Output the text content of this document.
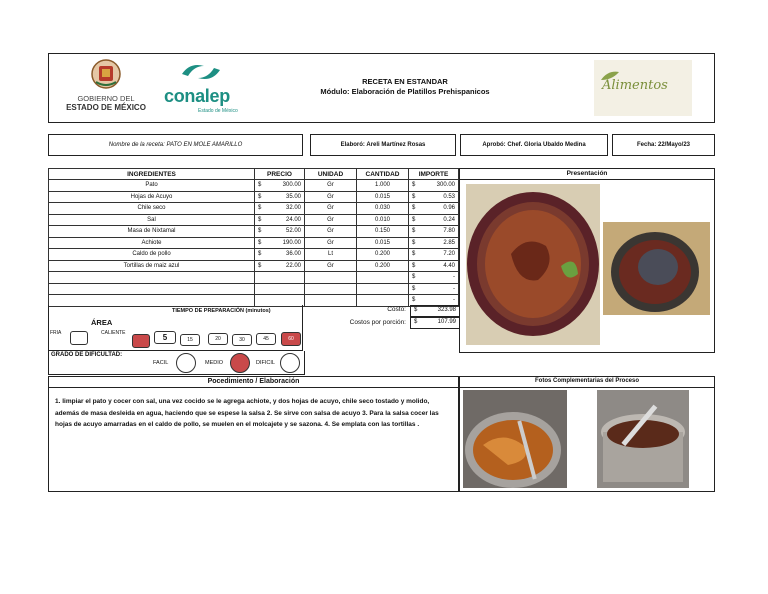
GOBIERNO DEL
ESTADO DE MÉXICO
conalep
Estado de México
RECETA EN ESTANDAR
Módulo: Elaboración de Platillos Prehispanicos	Alimentos
Nombre de la receta: PATO EN MOLE AMARILLO	Elaboró: Areli Martínez Rosas	Aprobó: Chef. Gloria Ubaldo Medina	Fecha: 22/Mayo/23
INGREDIENTES	PRECIO	UNIDAD	CANTIDAD	IMPORTE
Pato	$ 300.00	Gr	1.000	$ 300.00
Hojas de Acuyo	$ 35.00	Gr	0.015	$ 0.53
Chile seco	$ 32.00	Gr	0.030	$ 0.96
Sal	$ 24.00	Gr	0.010	$ 0.24
Masa de Nixtamal	$ 52.00	Gr	0.150	$ 7.80
Achiote	$ 190.00	Gr	0.015	$ 2.85
Caldo de pollo	$ 36.00	Lt	0.200	$ 7.20
Tortillas de maiz azul	$ 22.00	Gr	0.200	$ 4.40

				$ -

				$ -

				$ -
Costo: $	323.98
Costos por porción: $	107.99
Presentación
TIEMPO DE PREPARACIÓN (minutos)
ÁREA
FRIA	CALIENTE	5	15	20	30	45	60
GRADO DE DIFICULTAD:
FACIL	MEDIO	DIFICIL
Pocedimiento / Elaboración
1. limpiar el pato y cocer con sal, una vez cocido se le agrega achiote, y dos hojas de acuyo, chile seco tostado y molido, además de masa desleida en agua, haciendo que se espese la salsa 2. Se sirve con salsa de acuyo 3. Para la salsa cocer las hojas de acuyo amarradas en el caldo de pollo, se muelen en el molcajete y se sazona. 4. Se emplata con las tortillas .
Fotos Complementarias del Proceso
